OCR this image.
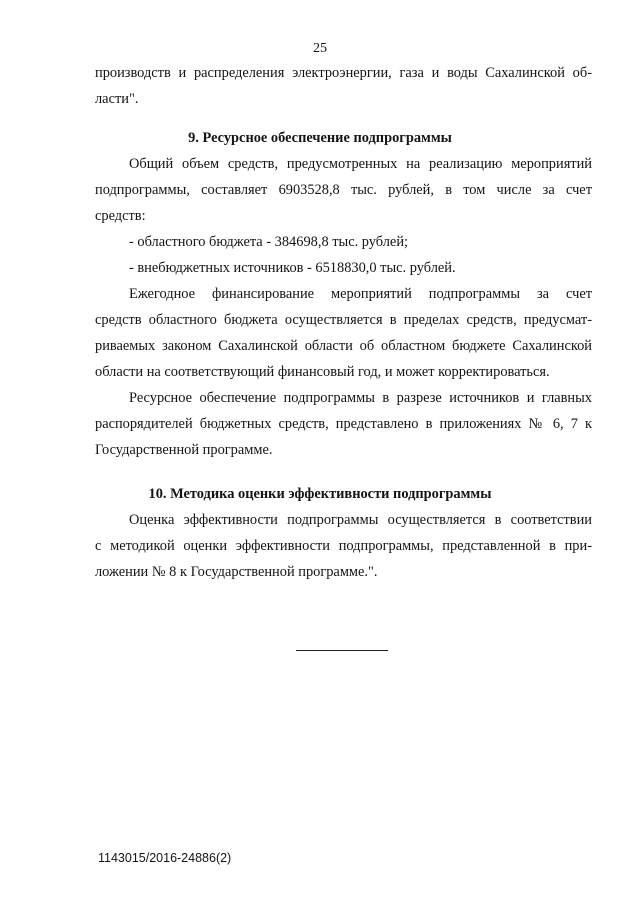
25
производств и распределения электроэнергии, газа и воды Сахалинской об-
ласти".
9. Ресурсное обеспечение подпрограммы
Общий объем средств, предусмотренных на реализацию мероприятий
подпрограммы, составляет 6903528,8 тыс. рублей, в том числе за счет
средств:
- областного бюджета - 384698,8 тыс. рублей;
- внебюджетных источников - 6518830,0 тыс. рублей.
Ежегодное финансирование мероприятий подпрограммы за счет
средств областного бюджета осуществляется в пределах средств, предусмат-
риваемых законом Сахалинской области об областном бюджете Сахалинской
области на соответствующий финансовый год, и может корректироваться.
Ресурсное обеспечение подпрограммы в разрезе источников и главных
распорядителей бюджетных средств, представлено в приложениях № 6, 7 к
Государственной программе.
10. Методика оценки эффективности подпрограммы
Оценка эффективности подпрограммы осуществляется в соответствии
с методикой оценки эффективности подпрограммы, представленной в при-
ложении № 8 к Государственной программе.".
1143015/2016-24886(2)
